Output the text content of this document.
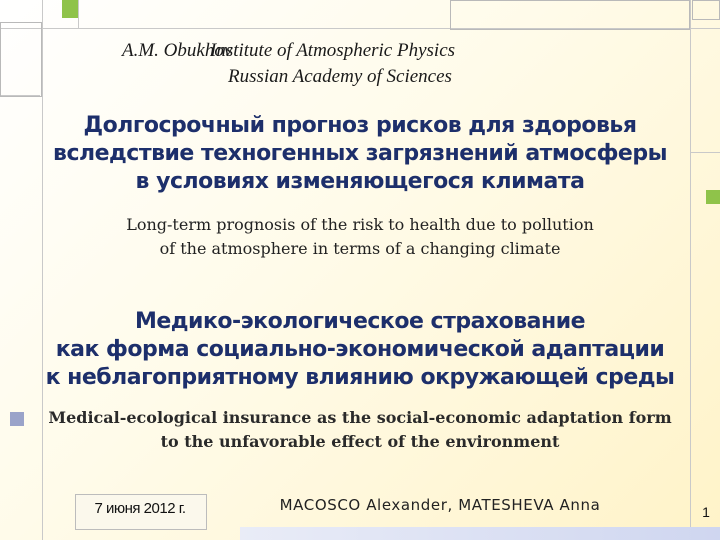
A.M. Obukhov
Institute of Atmospheric Physics
Russian Academy of Sciences
Долгосрочный прогноз рисков для здоровья
вследствие техногенных загрязнений атмосферы
в условиях изменяющегося климата
Long-term prognosis of the risk to health due to pollution
of the atmosphere in terms of a changing climate
Медико-экологическое страхование
как форма социально-экономической адаптации
к неблагоприятному влиянию окружающей среды
Medical-ecological insurance as the social-economic adaptation form
to the unfavorable effect of the environment
7 июня 2012 г.	MACOSCO Alexander, MATESHEVA Anna	1
